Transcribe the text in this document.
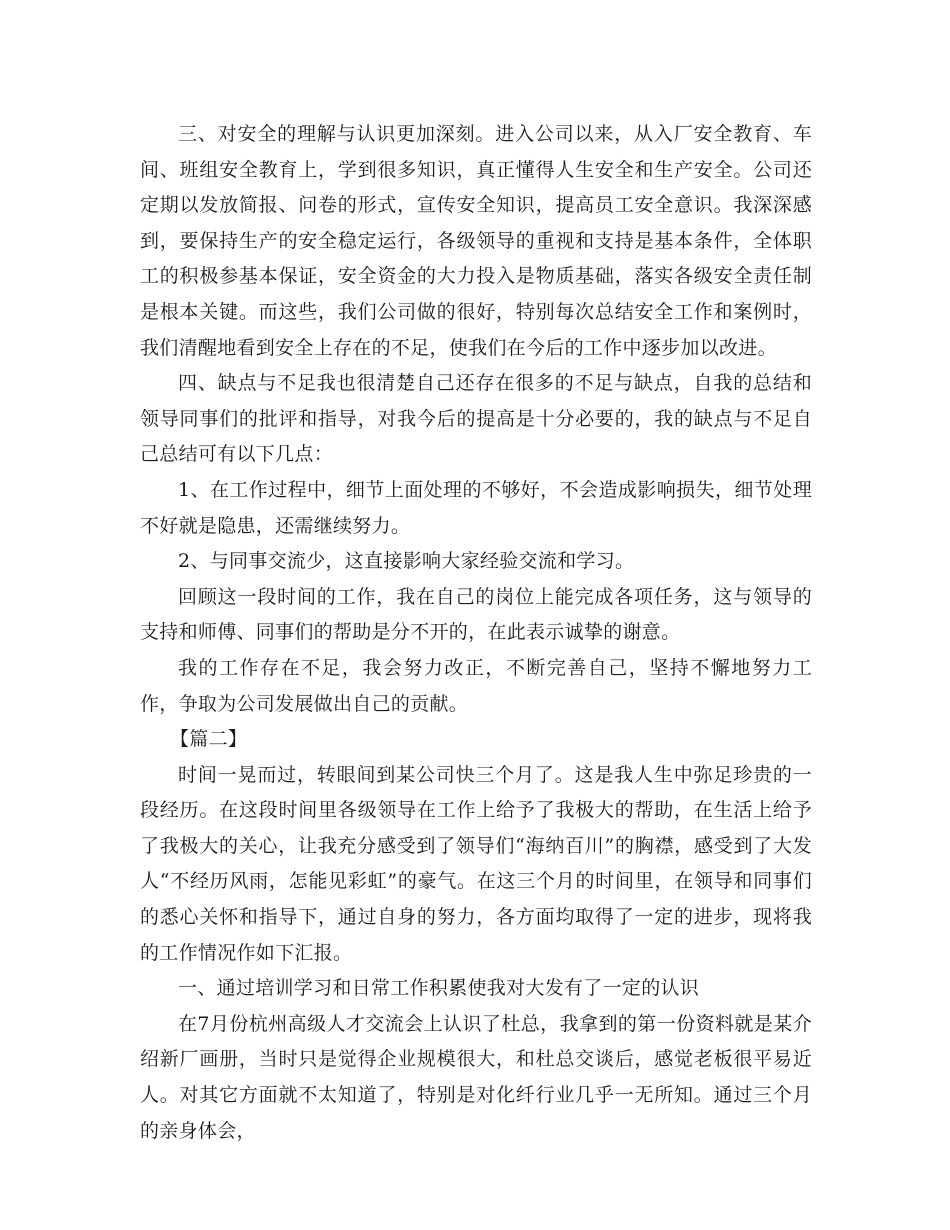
三、对安全的理解与认识更加深刻。进入公司以来，从入厂安全教育、车间、班组安全教育上，学到很多知识，真正懂得人生安全和生产安全。公司还定期以发放简报、问卷的形式，宣传安全知识，提高员工安全意识。我深深感到，要保持生产的安全稳定运行，各级领导的重视和支持是基本条件，全体职工的积极参基本保证，安全资金的大力投入是物质基础，落实各级安全责任制是根本关键。而这些，我们公司做的很好，特别每次总结安全工作和案例时，我们清醒地看到安全上存在的不足，使我们在今后的工作中逐步加以改进。

四、缺点与不足我也很清楚自己还存在很多的不足与缺点，自我的总结和领导同事们的批评和指导，对我今后的提高是十分必要的，我的缺点与不足自己总结可有以下几点：

1、在工作过程中，细节上面处理的不够好，不会造成影响损失，细节处理不好就是隐患，还需继续努力。

2、与同事交流少，这直接影响大家经验交流和学习。

回顾这一段时间的工作，我在自己的岗位上能完成各项任务，这与领导的支持和师傅、同事们的帮助是分不开的，在此表示诚挚的谢意。

我的工作存在不足，我会努力改正，不断完善自己，坚持不懈地努力工作，争取为公司发展做出自己的贡献。

【篇二】

时间一晃而过，转眼间到某公司快三个月了。这是我人生中弥足珍贵的一段经历。在这段时间里各级领导在工作上给予了我极大的帮助，在生活上给予了我极大的关心，让我充分感受到了领导们“海纳百川”的胸襟，感受到了大发人“不经历风雨，怎能见彩虹”的豪气。在这三个月的时间里，在领导和同事们的悉心关怀和指导下，通过自身的努力，各方面均取得了一定的进步，现将我的工作情况作如下汇报。

一、通过培训学习和日常工作积累使我对大发有了一定的认识

在7月份杭州高级人才交流会上认识了杜总，我拿到的第一份资料就是某介绍新厂画册，当时只是觉得企业规模很大，和杜总交谈后，感觉老板很平易近人。对其它方面就不太知道了，特别是对化纤行业几乎一无所知。通过三个月的亲身体会，
